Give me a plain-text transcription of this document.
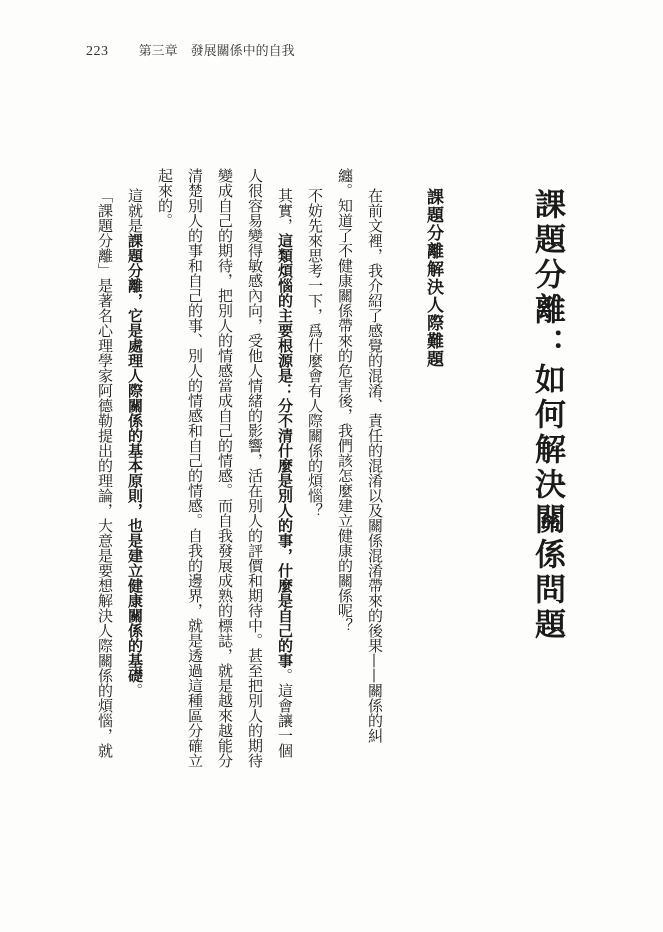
223 第三章　發展關係中的自我
課題分離：如何解決關係問題
課題分離解決人際難題
在前文裡，我介紹了感覺的混淆、責任的混淆以及關係混淆帶來的後果——關係的糾
纏。知道了不健康關係帶來的危害後，我們該怎麼建立健康的關係呢？
不妨先來思考一下，爲什麼會有人際關係的煩惱？
其實，這類煩惱的主要根源是：分不清什麼是別人的事，什麼是自己的事。這會讓一個
人很容易變得敏感內向，受他人情緒的影響，活在別人的評價和期待中。甚至把別人的期待
變成自己的期待，把別人的情感當成自己的情感。而自我發展成熟的標誌，就是越來越能分
清楚別人的事和自己的事、別人的情感和自己的情感。自我的邊界，就是透過這種區分確立
起來的。
這就是課題分離，它是處理人際關係的基本原則，也是建立健康關係的基礎。
「課題分離」是著名心理學家阿德勒提出的理論，大意是要想解決人際關係的煩惱，就
